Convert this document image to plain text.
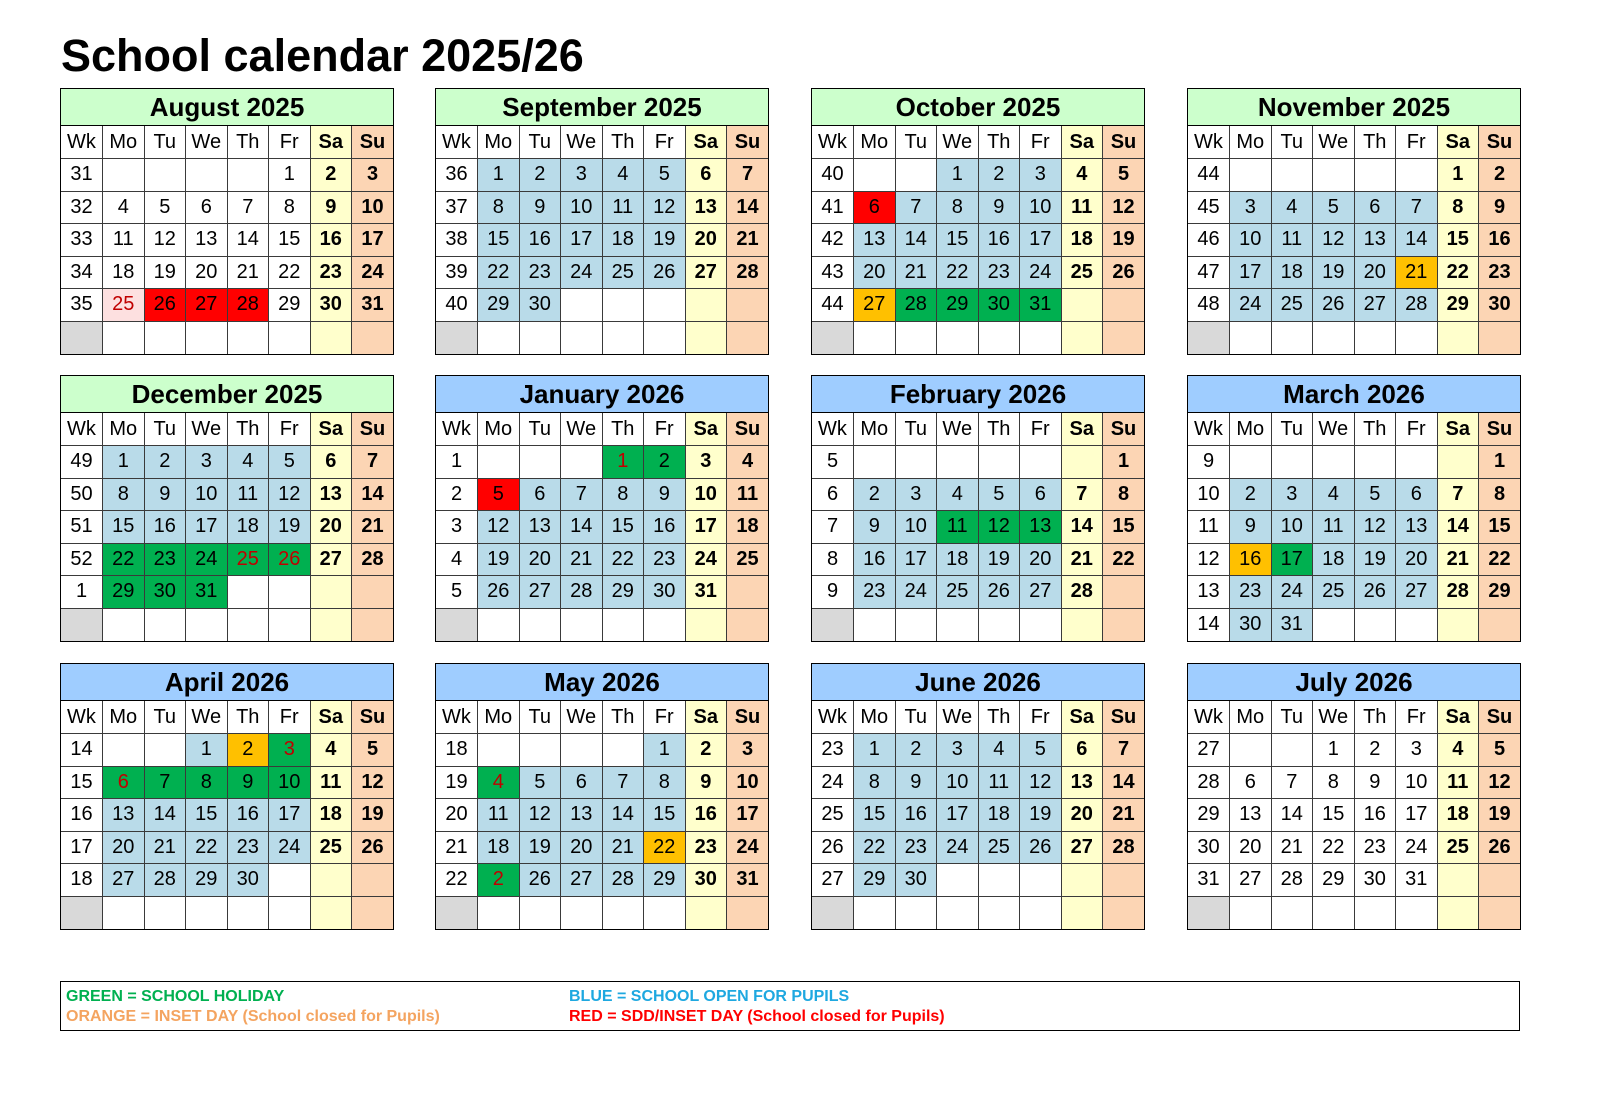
School calendar 2025/26
August 2025
Wk	Mo	Tu	We	Th	Fr	Sa	Su
31					1	2	3
32	4	5	6	7	8	9	10
33	11	12	13	14	15	16	17
34	18	19	20	21	22	23	24
35	25	26	27	28	29	30	31

September 2025
Wk	Mo	Tu	We	Th	Fr	Sa	Su
36	1	2	3	4	5	6	7
37	8	9	10	11	12	13	14
38	15	16	17	18	19	20	21
39	22	23	24	25	26	27	28
40	29	30					

October 2025
Wk	Mo	Tu	We	Th	Fr	Sa	Su
40			1	2	3	4	5
41	6	7	8	9	10	11	12
42	13	14	15	16	17	18	19
43	20	21	22	23	24	25	26
44	27	28	29	30	31		

November 2025
Wk	Mo	Tu	We	Th	Fr	Sa	Su
44						1	2
45	3	4	5	6	7	8	9
46	10	11	12	13	14	15	16
47	17	18	19	20	21	22	23
48	24	25	26	27	28	29	30

December 2025
Wk	Mo	Tu	We	Th	Fr	Sa	Su
49	1	2	3	4	5	6	7
50	8	9	10	11	12	13	14
51	15	16	17	18	19	20	21
52	22	23	24	25	26	27	28
1	29	30	31				

January 2026
Wk	Mo	Tu	We	Th	Fr	Sa	Su
1				1	2	3	4
2	5	6	7	8	9	10	11
3	12	13	14	15	16	17	18
4	19	20	21	22	23	24	25
5	26	27	28	29	30	31	

February 2026
Wk	Mo	Tu	We	Th	Fr	Sa	Su
5							1
6	2	3	4	5	6	7	8
7	9	10	11	12	13	14	15
8	16	17	18	19	20	21	22
9	23	24	25	26	27	28	

March 2026
Wk	Mo	Tu	We	Th	Fr	Sa	Su
9							1
10	2	3	4	5	6	7	8
11	9	10	11	12	13	14	15
12	16	17	18	19	20	21	22
13	23	24	25	26	27	28	29
14	30	31					
April 2026
Wk	Mo	Tu	We	Th	Fr	Sa	Su
14			1	2	3	4	5
15	6	7	8	9	10	11	12
16	13	14	15	16	17	18	19
17	20	21	22	23	24	25	26
18	27	28	29	30			

May 2026
Wk	Mo	Tu	We	Th	Fr	Sa	Su
18					1	2	3
19	4	5	6	7	8	9	10
20	11	12	13	14	15	16	17
21	18	19	20	21	22	23	24
22	2	26	27	28	29	30	31

June 2026
Wk	Mo	Tu	We	Th	Fr	Sa	Su
23	1	2	3	4	5	6	7
24	8	9	10	11	12	13	14
25	15	16	17	18	19	20	21
26	22	23	24	25	26	27	28
27	29	30					

July 2026
Wk	Mo	Tu	We	Th	Fr	Sa	Su
27			1	2	3	4	5
28	6	7	8	9	10	11	12
29	13	14	15	16	17	18	19
30	20	21	22	23	24	25	26
31	27	28	29	30	31		

GREEN = SCHOOL HOLIDAY
ORANGE = INSET DAY (School closed for Pupils)
BLUE = SCHOOL OPEN FOR PUPILS
RED = SDD/INSET DAY (School closed for Pupils)
